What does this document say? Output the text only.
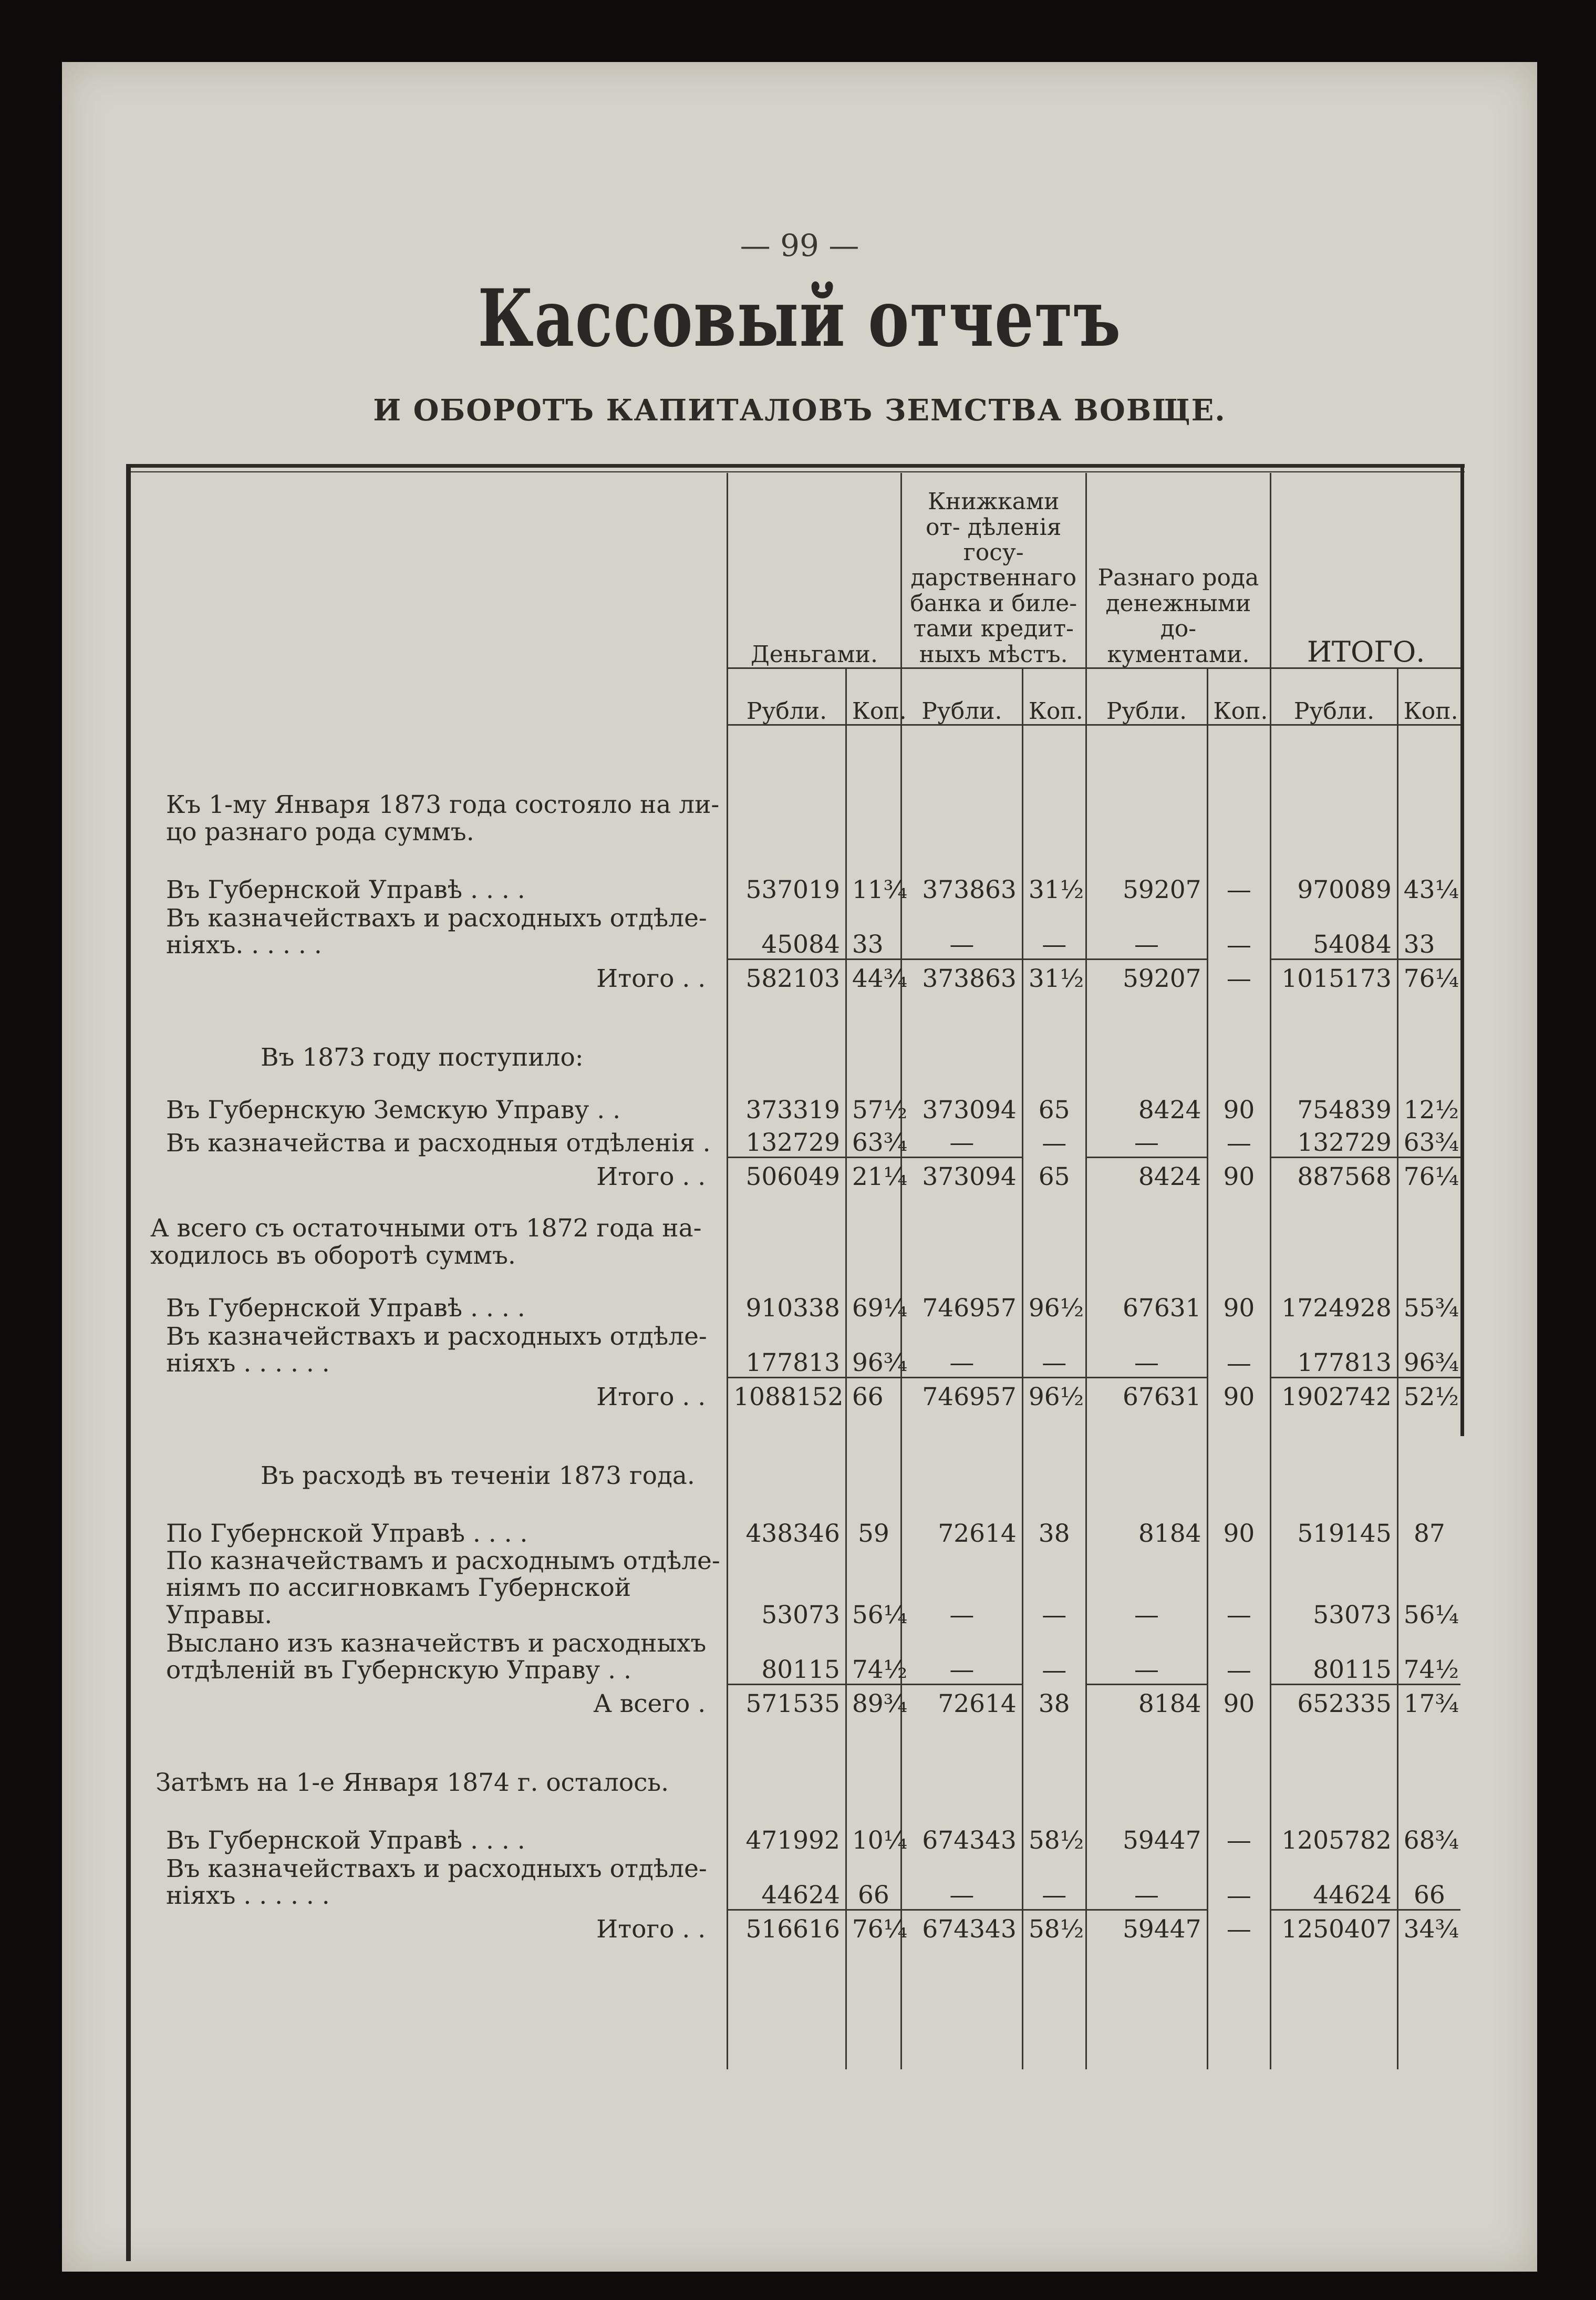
— 99 —
Кассовый отчетъ
И ОБОРОТЪ КАПИТАЛОВЪ ЗЕМСТВА ВОВЩЕ.
	Деньгами.		Книжками от- дѣленія госу- дарственнаго банка и биле- тами кредит- ныхъ мѣстъ.		Разнаго рода денежными до- кументами.		ИТОГО.	
	Рубли.	Коп.	Рубли.	Коп.	Рубли.	Коп.	Рубли.	Коп.
Къ 1-му Января 1873 года состояло на ли- цо разнаго рода суммъ.								
Въ Губернской Управѣ . . . .	537019	11¾	373863	31½	59207	—	970089	43¼
Въ казначействахъ и расходныхъ отдѣле- ніяхъ. . . . . .	45084	33	—	—	—	—	54084	33
Итого . .	582103	44¾	373863	31½	59207	—	1015173	76¼
Въ 1873 году поступило:								
Въ Губернскую Земскую Управу . .	373319	57½	373094	65	8424	90	754839	12½
Въ казначейства и расходныя отдѣленія .	132729	63¾	—	—	—	—	132729	63¾
Итого . .	506049	21¼	373094	65	8424	90	887568	76¼
А всего съ остаточными отъ 1872 года на- ходилось въ оборотѣ суммъ.								
Въ Губернской Управѣ . . . .	910338	69¼	746957	96½	67631	90	1724928	55¾
Въ казначействахъ и расходныхъ отдѣле- ніяхъ . . . . . .	177813	96¾	—	—	—	—	177813	96¾
Итого . .	1088152	66	746957	96½	67631	90	1902742	52½
Въ расходѣ въ теченіи 1873 года.								
По Губернской Управѣ . . . .	438346	59	72614	38	8184	90	519145	87
По казначействамъ и расходнымъ отдѣле- ніямъ по ассигновкамъ Губернской Управы.	53073	56¼	—	—	—	—	53073	56¼
Выслано изъ казначействъ и расходныхъ отдѣленій въ Губернскую Управу . .	80115	74½	—	—	—	—	80115	74½
А всего .	571535	89¾	72614	38	8184	90	652335	17¾
Затѣмъ на 1-е Января 1874 г. осталось.								
Въ Губернской Управѣ . . . .	471992	10¼	674343	58½	59447	—	1205782	68¾
Въ казначействахъ и расходныхъ отдѣле- ніяхъ . . . . . .	44624	66	—	—	—	—	44624	66
Итого . .	516616	76¼	674343	58½	59447	—	1250407	34¾
